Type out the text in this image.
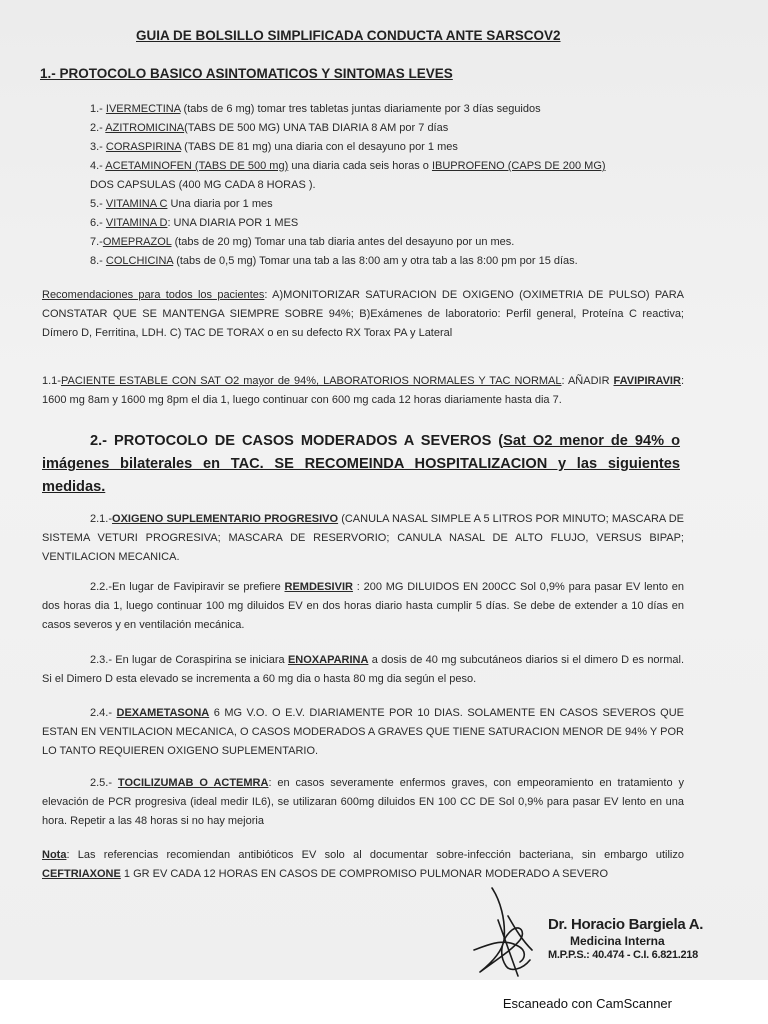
GUIA DE BOLSILLO SIMPLIFICADA CONDUCTA ANTE SARSCOV2
1.- PROTOCOLO BASICO ASINTOMATICOS Y SINTOMAS LEVES
1.- IVERMECTINA (tabs de 6 mg) tomar tres tabletas juntas diariamente por 3 días seguidos
2.- AZITROMICINA(TABS DE 500 MG) UNA TAB DIARIA 8 AM por 7 días
3.- CORASPIRINA (TABS DE 81 mg) una diaria con el desayuno por 1 mes
4.- ACETAMINOFEN (TABS DE 500 mg) una diaria cada seis horas o IBUPROFENO (CAPS DE 200 MG)
DOS CAPSULAS (400 MG CADA 8 HORAS ).
5.- VITAMINA C Una diaria por 1 mes
6.- VITAMINA D: UNA DIARIA POR 1 MES
7.-OMEPRAZOL (tabs de 20 mg) Tomar una tab diaria antes del desayuno por un mes.
8.- COLCHICINA (tabs de 0,5 mg) Tomar una tab a las 8:00 am y otra tab a las 8:00 pm por 15 días.
Recomendaciones para todos los pacientes: A)MONITORIZAR SATURACION DE OXIGENO (OXIMETRIA DE PULSO) PARA CONSTATAR QUE SE MANTENGA SIEMPRE SOBRE 94%; B)Exámenes de laboratorio: Perfil general, Proteína C reactiva; Dímero D, Ferritina, LDH. C) TAC DE TORAX o en su defecto RX Torax PA y Lateral
1.1-PACIENTE ESTABLE CON SAT O2 mayor de 94%, LABORATORIOS NORMALES Y TAC NORMAL: AÑADIR FAVIPIRAVIR: 1600 mg 8am y 1600 mg 8pm el dia 1, luego continuar con 600 mg cada 12 horas diariamente hasta dia 7.
2.- PROTOCOLO DE CASOS MODERADOS A SEVEROS (Sat O2 menor de 94% o imágenes bilaterales en TAC. SE RECOMEINDA HOSPITALIZACION y las siguientes medidas.
2.1.-OXIGENO SUPLEMENTARIO PROGRESIVO (CANULA NASAL SIMPLE A 5 LITROS POR MINUTO; MASCARA DE SISTEMA VETURI PROGRESIVA; MASCARA DE RESERVORIO; CANULA NASAL DE ALTO FLUJO, VERSUS BIPAP; VENTILACION MECANICA.
2.2.-En lugar de Favipiravir se prefiere REMDESIVIR : 200 MG DILUIDOS EN 200CC Sol 0,9% para pasar EV lento en dos horas dia 1, luego continuar 100 mg diluidos EV en dos horas diario hasta cumplir 5 días. Se debe de extender a 10 días en casos severos y en ventilación mecánica.
2.3.- En lugar de Coraspirina se iniciara ENOXAPARINA a dosis de 40 mg subcutáneos diarios si el dimero D es normal. Si el Dimero D esta elevado se incrementa a 60 mg dia o hasta 80 mg dia según el peso.
2.4.- DEXAMETASONA 6 MG V.O. O E.V. DIARIAMENTE POR 10 DIAS. SOLAMENTE EN CASOS SEVEROS QUE ESTAN EN VENTILACION MECANICA, O CASOS MODERADOS A GRAVES QUE TIENE SATURACION MENOR DE 94% Y POR LO TANTO REQUIEREN OXIGENO SUPLEMENTARIO.
2.5.- TOCILIZUMAB O ACTEMRA: en casos severamente enfermos graves, con empeoramiento en tratamiento y elevación de PCR progresiva (ideal medir IL6), se utilizaran 600mg diluidos EN 100 CC DE Sol 0,9% para pasar EV lento en una hora. Repetir a las 48 horas si no hay mejoria
Nota: Las referencias recomiendan antibióticos EV solo al documentar sobre-infección bacteriana, sin embargo utilizo CEFTRIAXONE 1 GR EV CADA 12 HORAS EN CASOS DE COMPROMISO PULMONAR MODERADO A SEVERO
Dr. Horacio Bargiela A.
Medicina Interna
M.P.P.S.: 40.474 - C.I. 6.821.218
Escaneado con CamScanner
